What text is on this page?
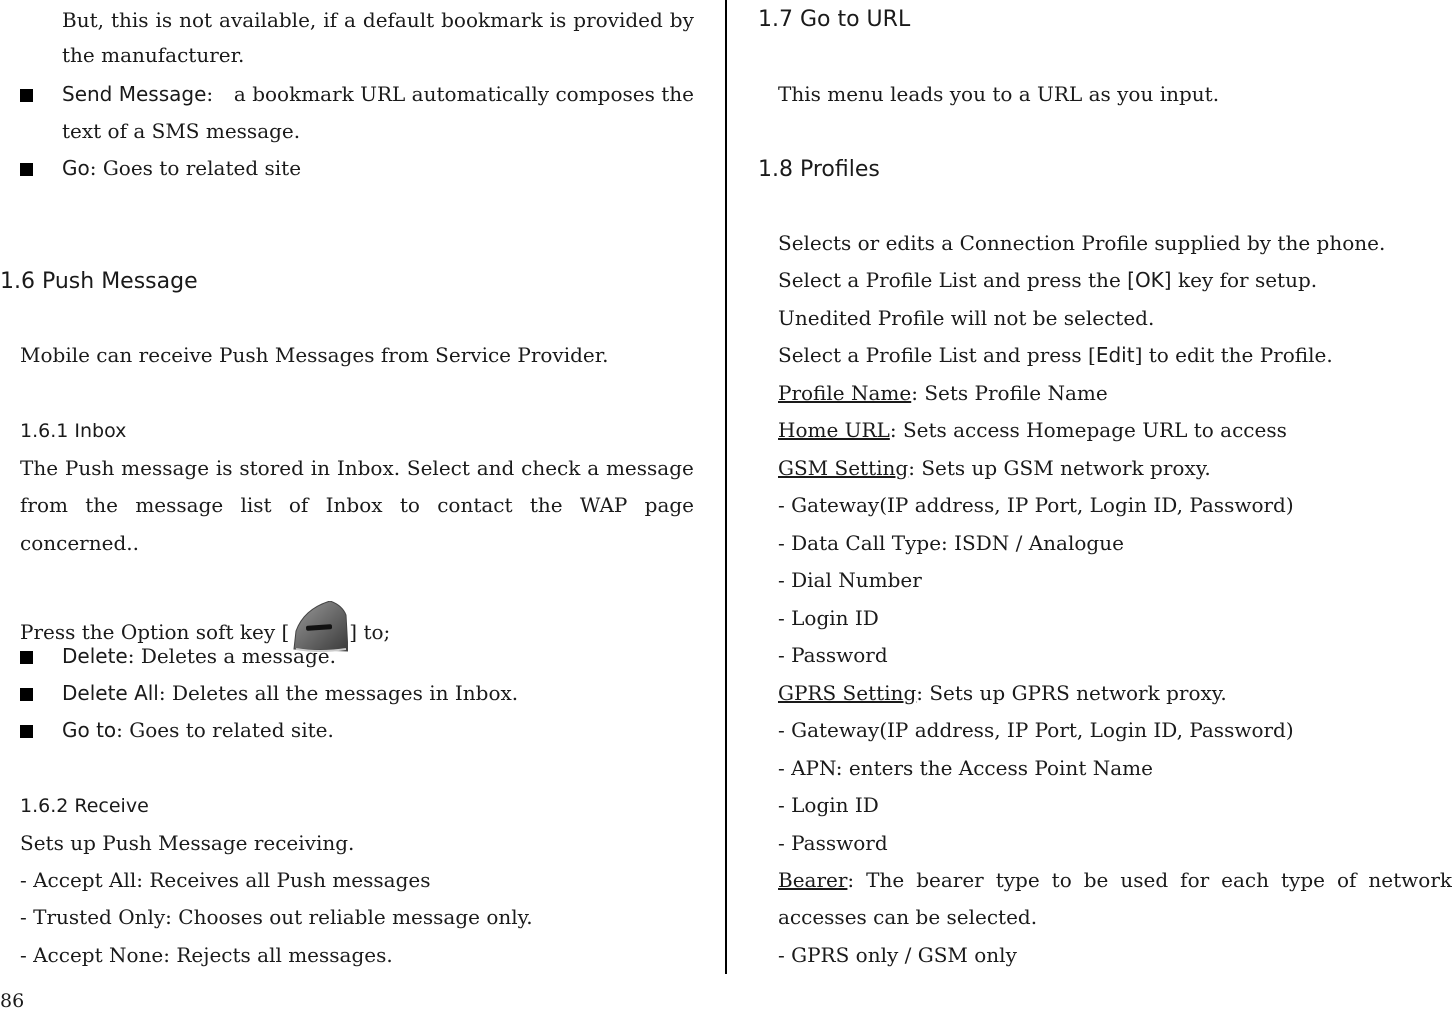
But, this is not available, if a default bookmark is provided by
the manufacturer.
Send Message : a bookmark URL automatically composes the
text of a SMS message.
Go: Goes to related site
1.6 Push Message
Mobile can receive Push Messages from Service Provider.
1.6.1 Inbox
The Push message is stored in Inbox. Select and check a message
from the message list of Inbox to contact the WAP page
concerned..
Press the Option soft key [	] to;
Delete: Deletes a message.
Delete All: Deletes all the messages in Inbox.
Go to: Goes to related site.
1.6.2 Receive
Sets up Push Message receiving.
- Accept All: Receives all Push messages
- Trusted Only: Chooses out reliable message only.
- Accept None: Rejects all messages.
1.7 Go to URL
This menu leads you to a URL as you input.
1.8 Profiles
Selects or edits a Connection Profile supplied by the phone.
Select a Profile List and press the [OK] key for setup.
Unedited Profile will not be selected.
Select a Profile List and press [Edit] to edit the Profile.
Profile Name: Sets Profile Name
Home URL: Sets access Homepage URL to access
GSM Setting: Sets up GSM network proxy.
- Gateway(IP address, IP Port, Login ID, Password)
- Data Call Type: ISDN / Analogue
- Dial Number
- Login ID
- Password
GPRS Setting: Sets up GPRS network proxy.
- Gateway(IP address, IP Port, Login ID, Password)
- APN: enters the Access Point Name
- Login ID
- Password
Bearer : The bearer type to be used for each type of network
accesses can be selected.
- GPRS only / GSM only
86
